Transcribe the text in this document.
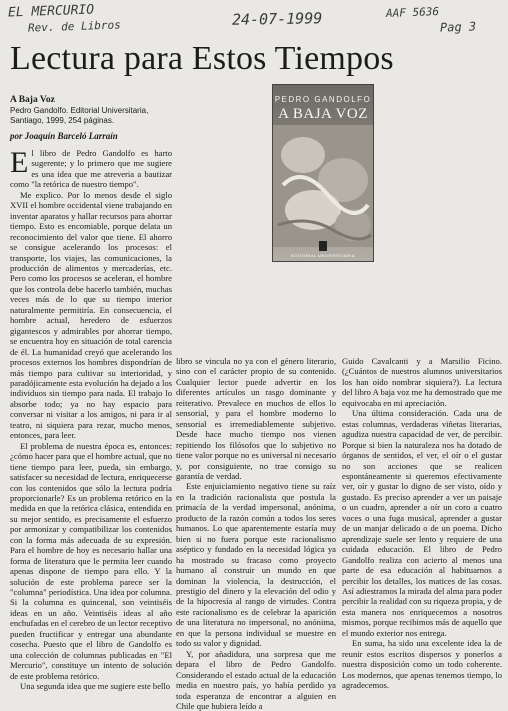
EL MERCURIO
Rev. de Libros	24-07-1999	AAF 5636
Pag 3
Lectura para Estos Tiempos
A Baja Voz
Pedro Gandolfo. Editorial Universitaria,
Santiago, 1999, 254 páginas.
por Joaquín Barceló Larraín
PEDRO GANDOLFO
A BAJA VOZ
EDITORIAL UNIVERSITARIA

El libro de Pedro Gandolfo es harto sugerente; y lo primero que me sugiere es una idea que me atreveria a bautizar como "la retórica de nuestro tiempo".

Me explico. Por lo menos desde el siglo XVII el hombre occidental viene trabajando en inventar aparatos y hallar recursos para ahorrar tiempo. Esto es encomiable, porque delata un reconocimiento del valor que tiene. El ahorro se consigue acelerando los procesos: el transporte, los viajes, las comunicaciones, la producción de alimentos y mercaderías, etc. Pero como los procesos se aceleran, el hombre que los controla debe hacerlo también, muchas veces más de lo que su tiempo interior naturalmente permitiría. En consecuencia, el hombre actual, heredero de esfuerzos gigantescos y admirables por ahorrar tiempo, se encuentra hoy en situación de total carencia de él. La humanidad creyó que acelerando los procesos externos los hombres dispondrían de más tiempo para cultivar su interioridad, y paradójicamente esta evolución ha dejado a los individuos sin tiempo para nada. El trabajo lo absorbe todo; ya no hay espacio para conversar ni visitar a los amigos, ni para ir al teatro, ni siquiera para rezar, mucho menos, entonces, para leer.

El problema de nuestra época es, entonces: ¿cómo hacer para que el hombre actual, que no tiene tiempo para leer, pueda, sin embargo, satisfacer su necesidad de lectura, enriquecerse con los contenidos que sólo la lectura podría proporcionarle? Es un problema retórico en la medida en que la retórica clásica, entendida en su mejor sentido, es precisamente el esfuerzo por armonizar y compatibilizar los contenidos con la forma más adecuada de su expresión. Para el hombre de hoy es necesario hallar una forma de literatura que le permita leer cuando apenas dispone de tiempo para ello. Y la solución de este problema parece ser la "columna" periodística. Una idea por columna. Si la columna es quincenal, son veintiséis ideas en un año. Veintiséis ideas al año enchufadas en el cerebro de un lector receptivo pueden fructificar y entregar una abundante cosecha. Puesto que el libro de Gandolfo es una colección de columnas publicadas en "El Mercurio", constituye un intento de solución de este problema retórico.

Una segunda idea que me sugiere este bello

libro se vincula no ya con el género literario, sino con el carácter propio de su contenido. Cualquier lector puede advertir en los diferentes artículos un rasgo dominante y reiterativo. Prevalece en muchos de ellos lo sensorial, y para el hombre moderno lo sensorial es irremediablemente subjetivo. Desde hace mucho tiempo nos vienen repitiendo los filósofos que lo subjetivo no tiene valor porque no es universal ni necesario y, por consiguiente, no trae consigo su garantía de verdad.

Este enjuiciamiento negativo tiene su raíz en la tradición racionalista que postula la primacía de la verdad impersonal, anónima, producto de la razón común a todos los seres humanos. Lo que aparentemente estaría muy bien si no fuera porque este racionalismo aséptico y fundado en la necesidad lógica ya ha mostrado su fracaso como proyecto humano al construir un mundo en que dominan la violencia, la destrucción, el prestigio del dinero y la elevación del odio y de la hipocresía al rango de virtudes. Contra este racionalismo es de celebrar la aparición de una literatura no impersonal, no anónima, en que la persona individual se muestre en todo su valor y dignidad.

Y, por añadidura, una sorpresa que me depara el libro de Pedro Gandolfo. Considerando el estado actual de la educación media en nuestro país, yo había perdido ya toda esperanza de encontrar a alguien en Chile que hubiera leído a

Guido Cavalcanti y a Marsilio Ficino. (¿Cuántos de nuestros alumnos universitarios los han oído nombrar siquiera?). La lectura del libro A baja voz me ha demostrado que me equivocaba en mi apreciación.

Una última consideración. Cada una de estas columnas, verdaderas viñetas literarias, agudiza nuestra capacidad de ver, de percibir. Porque si bien la naturaleza nos ha dotado de órganos de sentidos, el ver, el oír o el gustar no son acciones que se realicen espontáneamente si queremos efectivamente ver, oír y gustar lo digno de ser visto, oído y gustado. Es preciso aprender a ver un paisaje o un cuadro, aprender a oír un coro a cuatro voces o una fuga musical, aprender a gustar de un manjar delicado o de un poema. Dicho aprendizaje suele ser lento y requiere de una cuidada educación. El libro de Pedro Gandolfo realiza con acierto al menos una parte de esa educación al habituarnos a percibir los detalles, los matices de las cosas. Así adiestramos la mirada del alma para poder percibir la realidad con su riqueza propia, y de esta manera nos enriquecemos a nosotros mismos, porque recibimos más de aquello que el mundo exterior nos entrega.

En suma, ha sido una excelente idea la de reunir estos escritos dispersos y ponerlos a nuestra disposición como un todo coherente. Los modernos, que apenas tenemos tiempo, lo agradecemos.
